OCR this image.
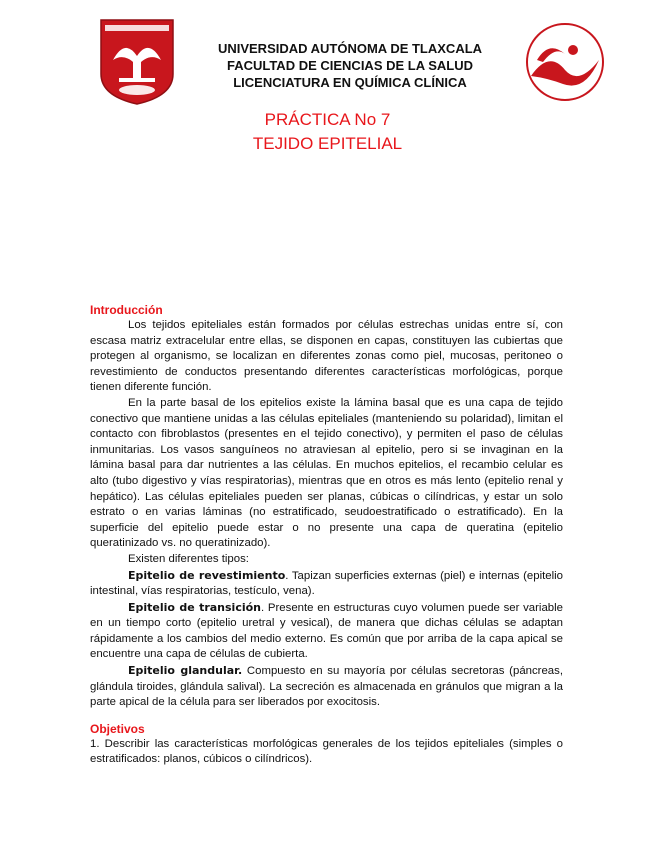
UNIVERSIDAD AUTÓNOMA DE TLAXCALA
FACULTAD DE CIENCIAS DE LA SALUD
LICENCIATURA EN QUÍMICA CLÍNICA
PRÁCTICA No 7
TEJIDO EPITELIAL
Introducción

Los tejidos epiteliales están formados por células estrechas unidas entre sí, con escasa matriz extracelular entre ellas, se disponen en capas, constituyen las cubiertas que protegen al organismo, se localizan en diferentes zonas como piel, mucosas, peritoneo o revestimiento de conductos presentando diferentes características morfológicas, porque tienen diferente función.

En la parte basal de los epitelios existe la lámina basal que es una capa de tejido conectivo que mantiene unidas a las células epiteliales (manteniendo su polaridad), limitan el contacto con fibroblastos (presentes en el tejido conectivo), y permiten el paso de células inmunitarias. Los vasos sanguíneos no atraviesan al epitelio, pero si se invaginan en la lámina basal para dar nutrientes a las células. En muchos epitelios, el recambio celular es alto (tubo digestivo y vías respiratorias), mientras que en otros es más lento (epitelio renal y hepático). Las células epiteliales pueden ser planas, cúbicas o cilíndricas, y estar un solo estrato o en varias láminas (no estratificado, seudoestratificado o estratificado). En la superficie del epitelio puede estar o no presente una capa de queratina (epitelio queratinizado vs. no queratinizado).

Existen diferentes tipos:

Epitelio de revestimiento. Tapizan superficies externas (piel) e internas (epitelio intestinal, vías respiratorias, testículo, vena).

Epitelio de transición. Presente en estructuras cuyo volumen puede ser variable en un tiempo corto (epitelio uretral y vesical), de manera que dichas células se adaptan rápidamente a los cambios del medio externo. Es común que por arriba de la capa apical se encuentre una capa de células de cubierta.

Epitelio glandular. Compuesto en su mayoría por células secretoras (páncreas, glándula tiroides, glándula salival). La secreción es almacenada en gránulos que migran a la parte apical de la célula para ser liberados por exocitosis.

Objetivos

1. Describir las características morfológicas generales de los tejidos epiteliales (simples o estratificados: planos, cúbicos o cilíndricos).
